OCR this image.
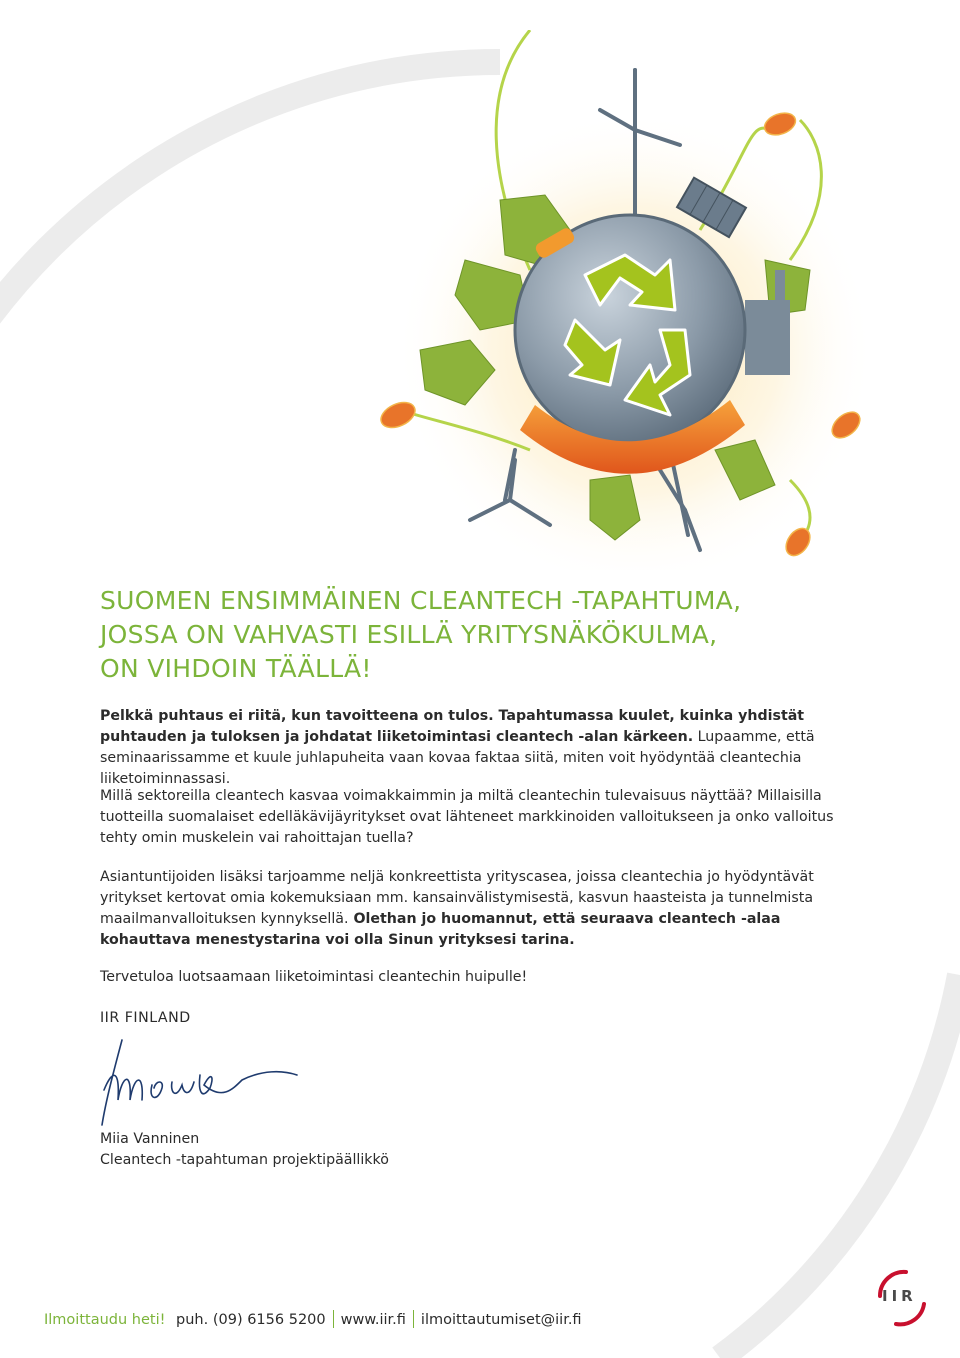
SUOMEN ENSIMMÄINEN CLEANTECH -TAPAHTUMA,
JOSSA ON VAHVASTI ESILLÄ YRITYSNÄKÖKULMA,
ON VIHDOIN TÄÄLLÄ!

Pelkkä puhtaus ei riitä, kun tavoitteena on tulos. Tapahtumassa kuulet, kuinka yhdistät puhtauden ja tuloksen ja johdatat liiketoimintasi cleantech -alan kärkeen. Lupaamme, että seminaarissamme et kuule juhlapuheita vaan kovaa faktaa siitä, miten voit hyödyntää cleantechia liiketoiminnassasi.

Millä sektoreilla cleantech kasvaa voimakkaimmin ja miltä cleantechin tulevaisuus näyttää? Millaisilla tuotteilla suomalaiset edelläkävijäyritykset ovat lähteneet markkinoiden valloitukseen ja onko valloitus tehty omin muskelein vai rahoittajan tuella?

Asiantuntijoiden lisäksi tarjoamme neljä konkreettista yrityscasea, joissa cleantechia jo hyödyntävät yritykset kertovat omia kokemuksiaan mm. kansainvälistymisestä, kasvun haasteista ja tunnelmista maailmanvalloituksen kynnyksellä. Olethan jo huomannut, että seuraava cleantech -alaa kohauttava menestystarina voi olla Sinun yrityksesi tarina.

Tervetuloa luotsaamaan liiketoimintasi cleantechin huipulle!

IIR FINLAND

Miia Vanninen

Cleantech -tapahtuman projektipäällikkö

Ilmoittaudu heti! puh. (09) 6156 5200 www.iir.fi ilmoittautumiset@iir.fi
IIR
